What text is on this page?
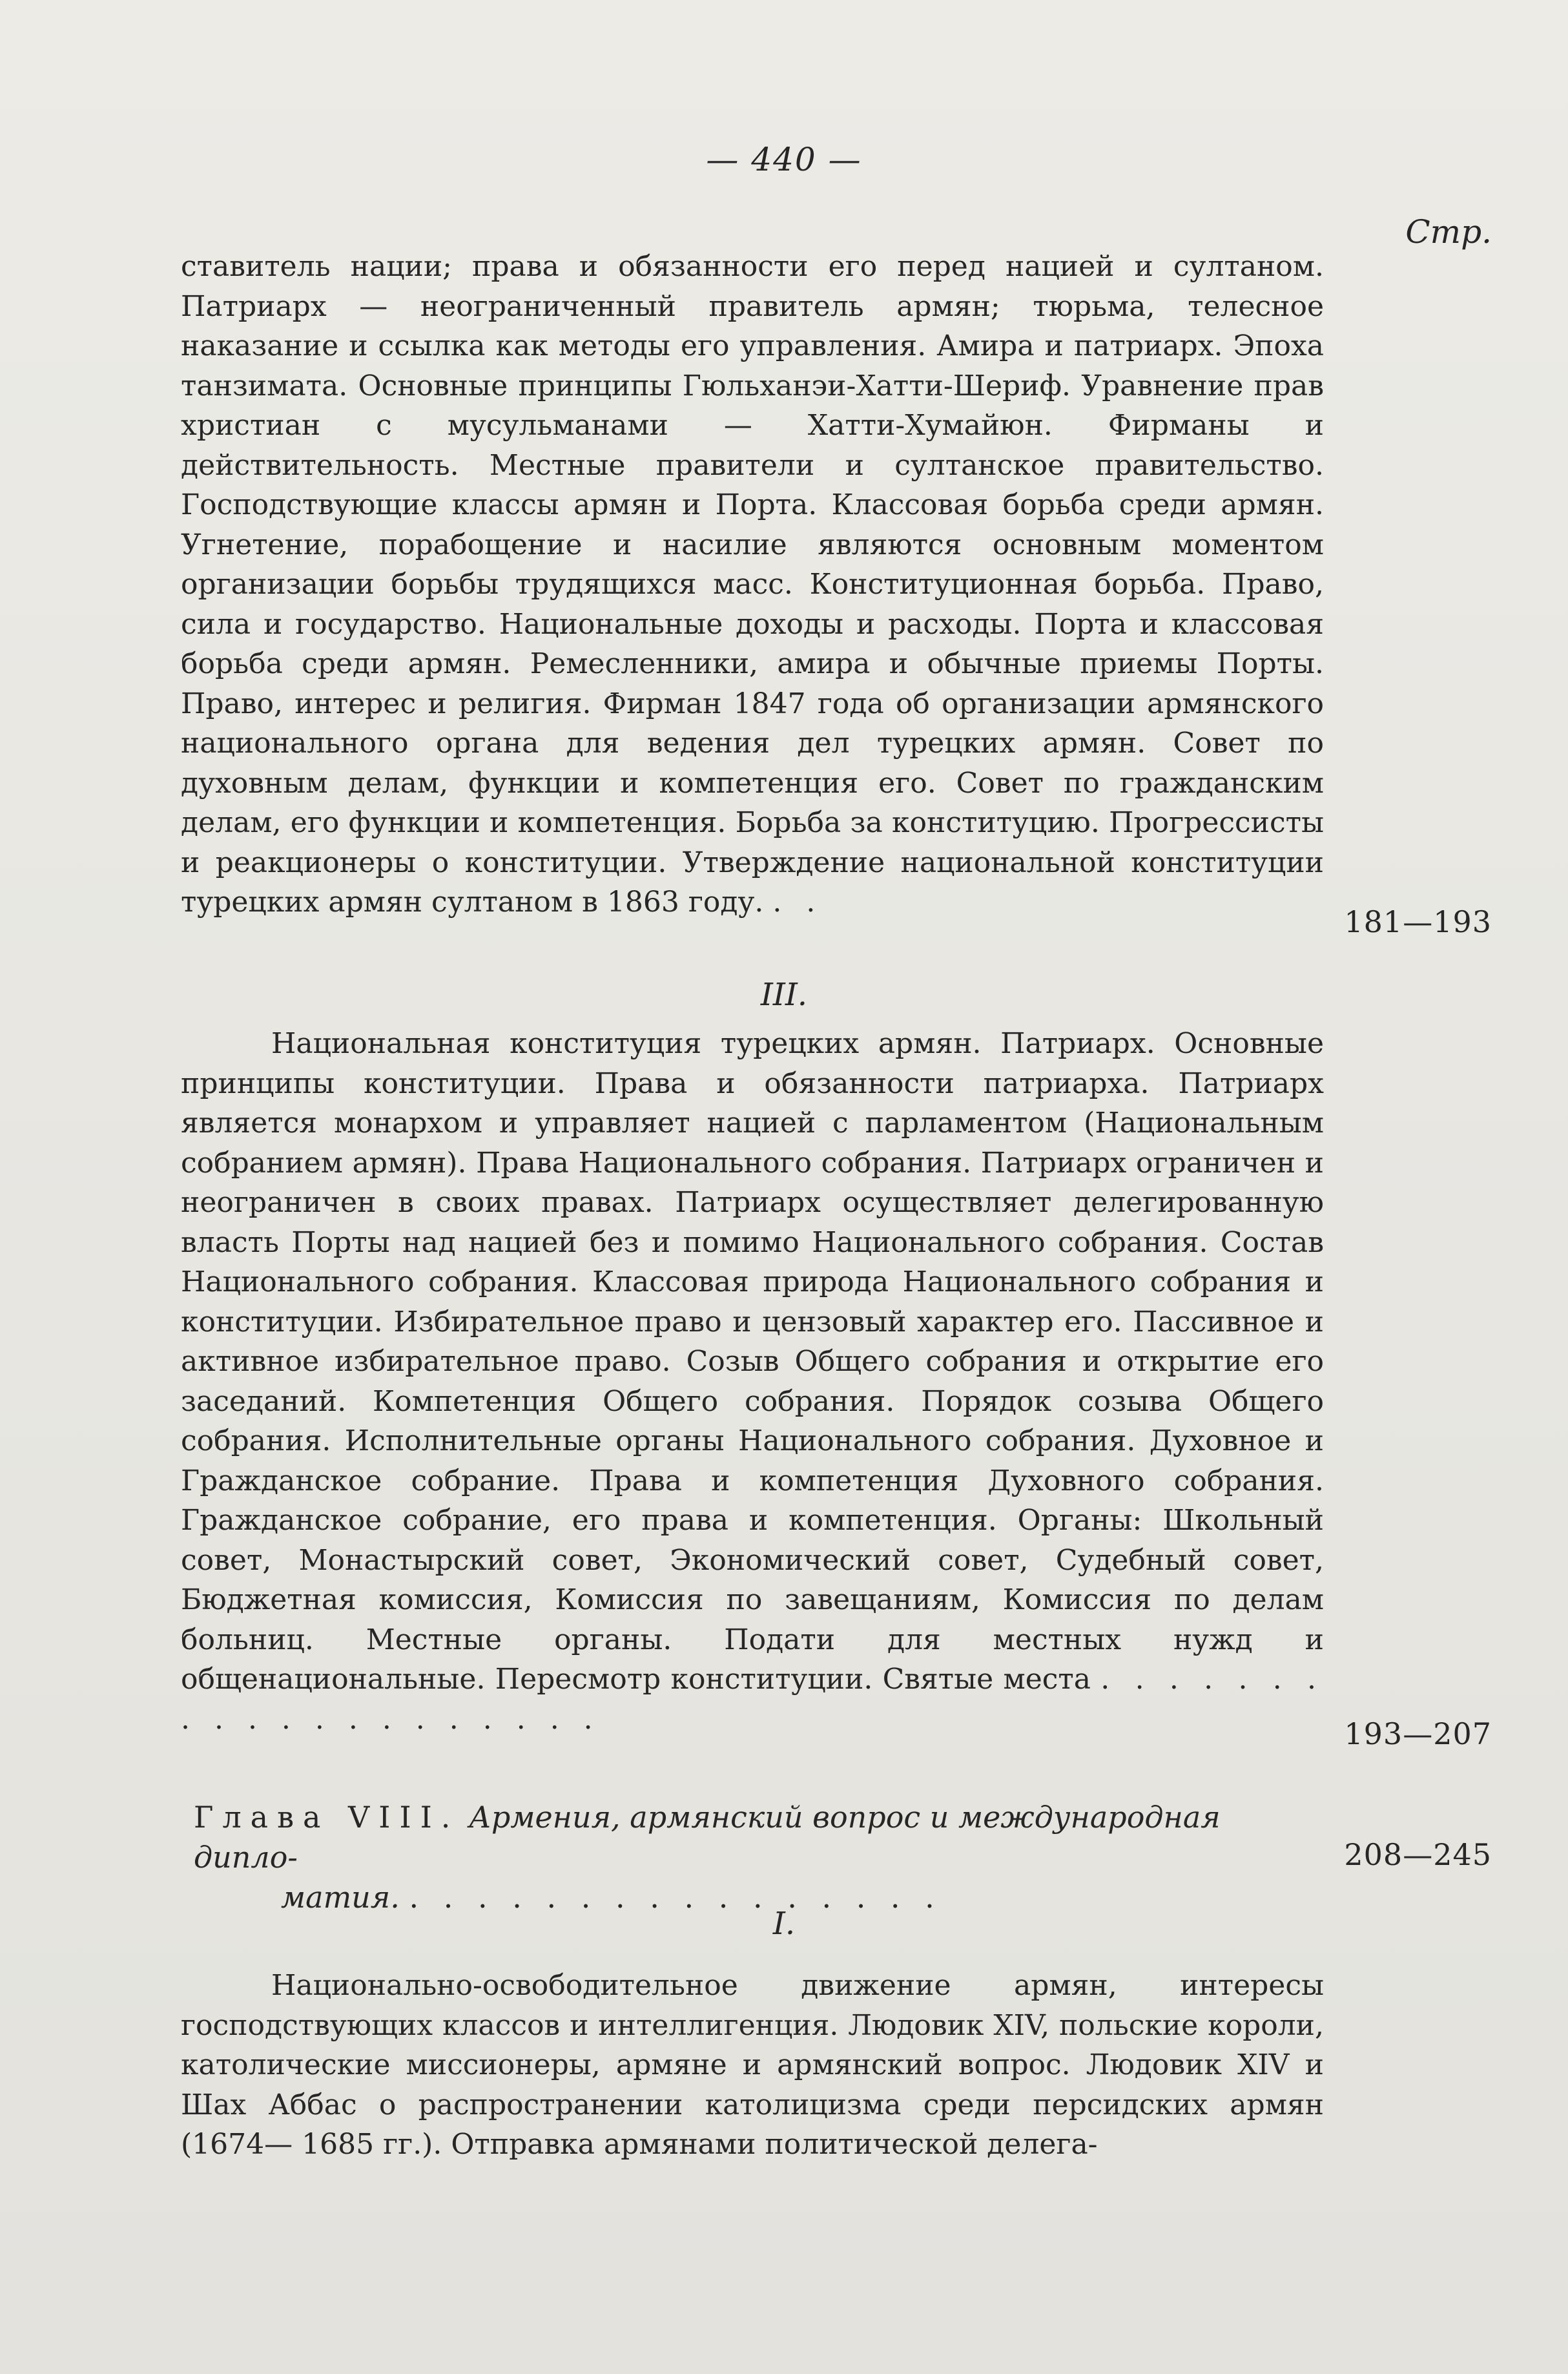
— 440 —
Стр.
ставитель нации; права и обязанности его перед нацией и султаном. Патриарх — неограниченный правитель армян; тюрьма, телесное наказание и ссылка как методы его управления. Амира и патриарх. Эпоха танзимата. Основные принципы Гюльханэи-Хатти-Шериф. Уравнение прав христиан с мусульманами — Хатти-Хумайюн. Фирманы и действительность. Местные правители и султанское правительство. Господствующие классы армян и Порта. Классовая борьба среди армян. Угнетение, порабощение и насилие являются основным моментом организации борьбы трудящихся масс. Конституционная борьба. Право, сила и государство. Национальные доходы и расходы. Порта и классовая борьба среди армян. Ремесленники, амира и обычные приемы Порты. Право, интерес и религия. Фирман 1847 года об организации армянского национального органа для ведения дел турецких армян. Совет по духовным делам, функции и компетенция его. Совет по гражданским делам, его функции и компетенция. Борьба за конституцию. Прогрессисты и реакционеры о конституции. Утверждение национальной конституции турецких армян султаном в 1863 году. . .
181—193
III.
Национальная конституция турецких армян. Патриарх. Основные принципы конституции. Права и обязанности патриарха. Патриарх является монархом и управляет нацией с парламентом (Национальным собранием армян). Права Национального собрания. Патриарх ограничен и неограничен в своих правах. Патриарх осуществляет делегированную власть Порты над нацией без и помимо Национального собрания. Состав Национального собрания. Классовая природа Национального собрания и конституции. Избирательное право и цензовый характер его. Пассивное и активное избирательное право. Созыв Общего собрания и открытие его заседаний. Компетенция Общего собрания. Порядок созыва Общего собрания. Исполнительные органы Национального собрания. Духовное и Гражданское собрание. Права и компетенция Духовного собрания. Гражданское собрание, его права и компетенция. Органы: Школьный совет, Монастырский совет, Экономический совет, Судебный совет, Бюджетная комиссия, Комиссия по завещаниям, Комиссия по делам больниц. Местные органы. Подати для местных нужд и общенациональные. Пересмотр конституции. Святые места . . . . . . . . . . . . . . . . . . . .	193—207
Глава VIII. Армения, армянский вопрос и международная дипло-
матия. . . . . . . . . . . . . . . . .
208—245
I.
Национально-освободительное движение армян, интересы господствующих классов и интеллигенция. Людовик XIV, польские короли, католические миссионеры, армяне и армянский вопрос. Людовик XIV и Шах Аббас о распространении католицизма среди персидских армян (1674— 1685 гг.). Отправка армянами политической делега-
